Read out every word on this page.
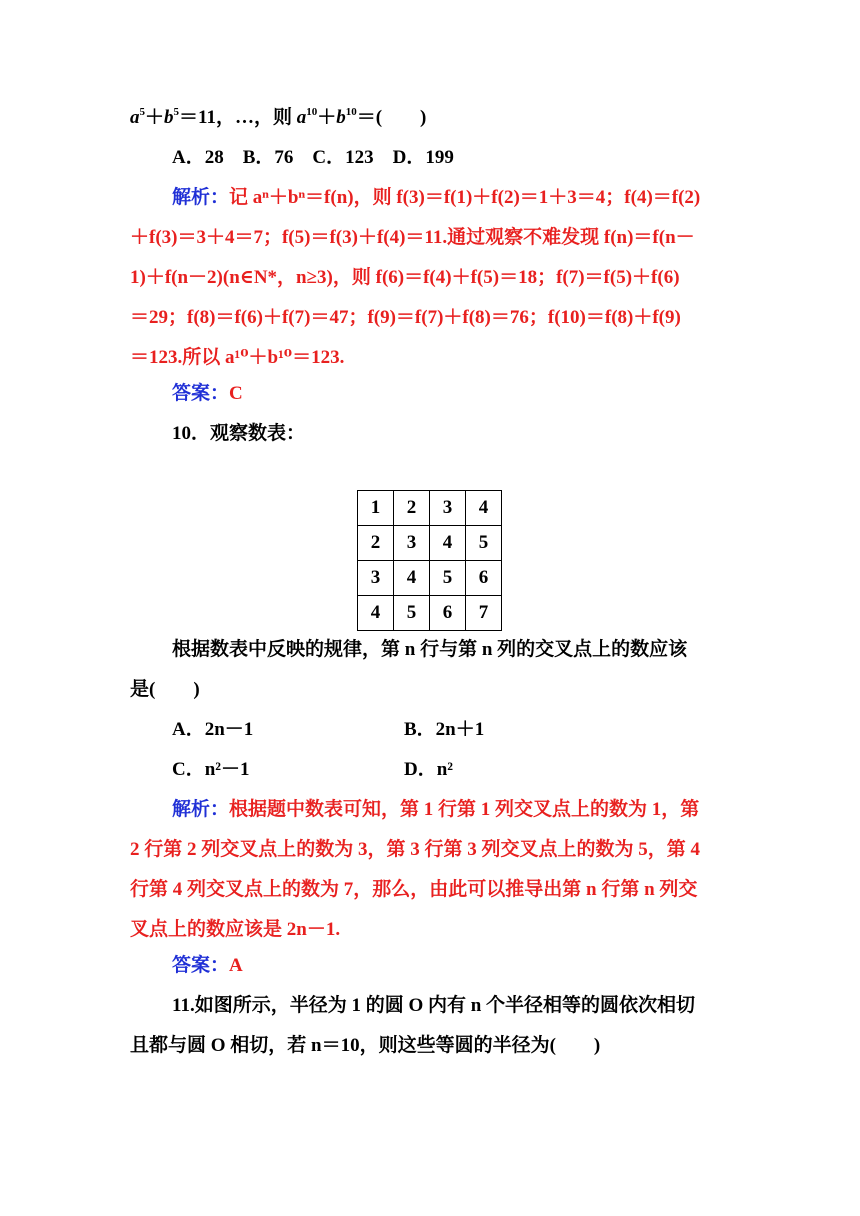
$a^5+b^5=11$，…，则 $a^{10}+b^{10}=$(　　)
A．28　B．76　C．123　D．199
解析：记 aⁿ＋bⁿ＝f(n)，则 f(3)＝f(1)＋f(2)＝1＋3＝4；f(4)＝f(2)
＋f(3)＝3＋4＝7；f(5)＝f(3)＋f(4)＝11.通过观察不难发现 f(n)＝f(n－
1)＋f(n－2)(n∈N*，n≥3)，则 f(6)＝f(4)＋f(5)＝18；f(7)＝f(5)＋f(6)
＝29；f(8)＝f(6)＋f(7)＝47；f(9)＝f(7)＋f(8)＝76；f(10)＝f(8)＋f(9)
＝123.所以 a¹⁰＋b¹⁰＝123.
答案：C
10．观察数表：
1	2	3	4
2	3	4	5
3	4	5	6
4	5	6	7
根据数表中反映的规律，第 n 行与第 n 列的交叉点上的数应该
是(　　)
A．2n－1	B．2n＋1
C．n²－1	D．n²
解析：根据题中数表可知，第 1 行第 1 列交叉点上的数为 1，第
2 行第 2 列交叉点上的数为 3，第 3 行第 3 列交叉点上的数为 5，第 4
行第 4 列交叉点上的数为 7，那么，由此可以推导出第 n 行第 n 列交
叉点上的数应该是 2n－1.
答案：A
11.如图所示，半径为 1 的圆 O 内有 n 个半径相等的圆依次相切
且都与圆 O 相切，若 n＝10，则这些等圆的半径为(　　)
